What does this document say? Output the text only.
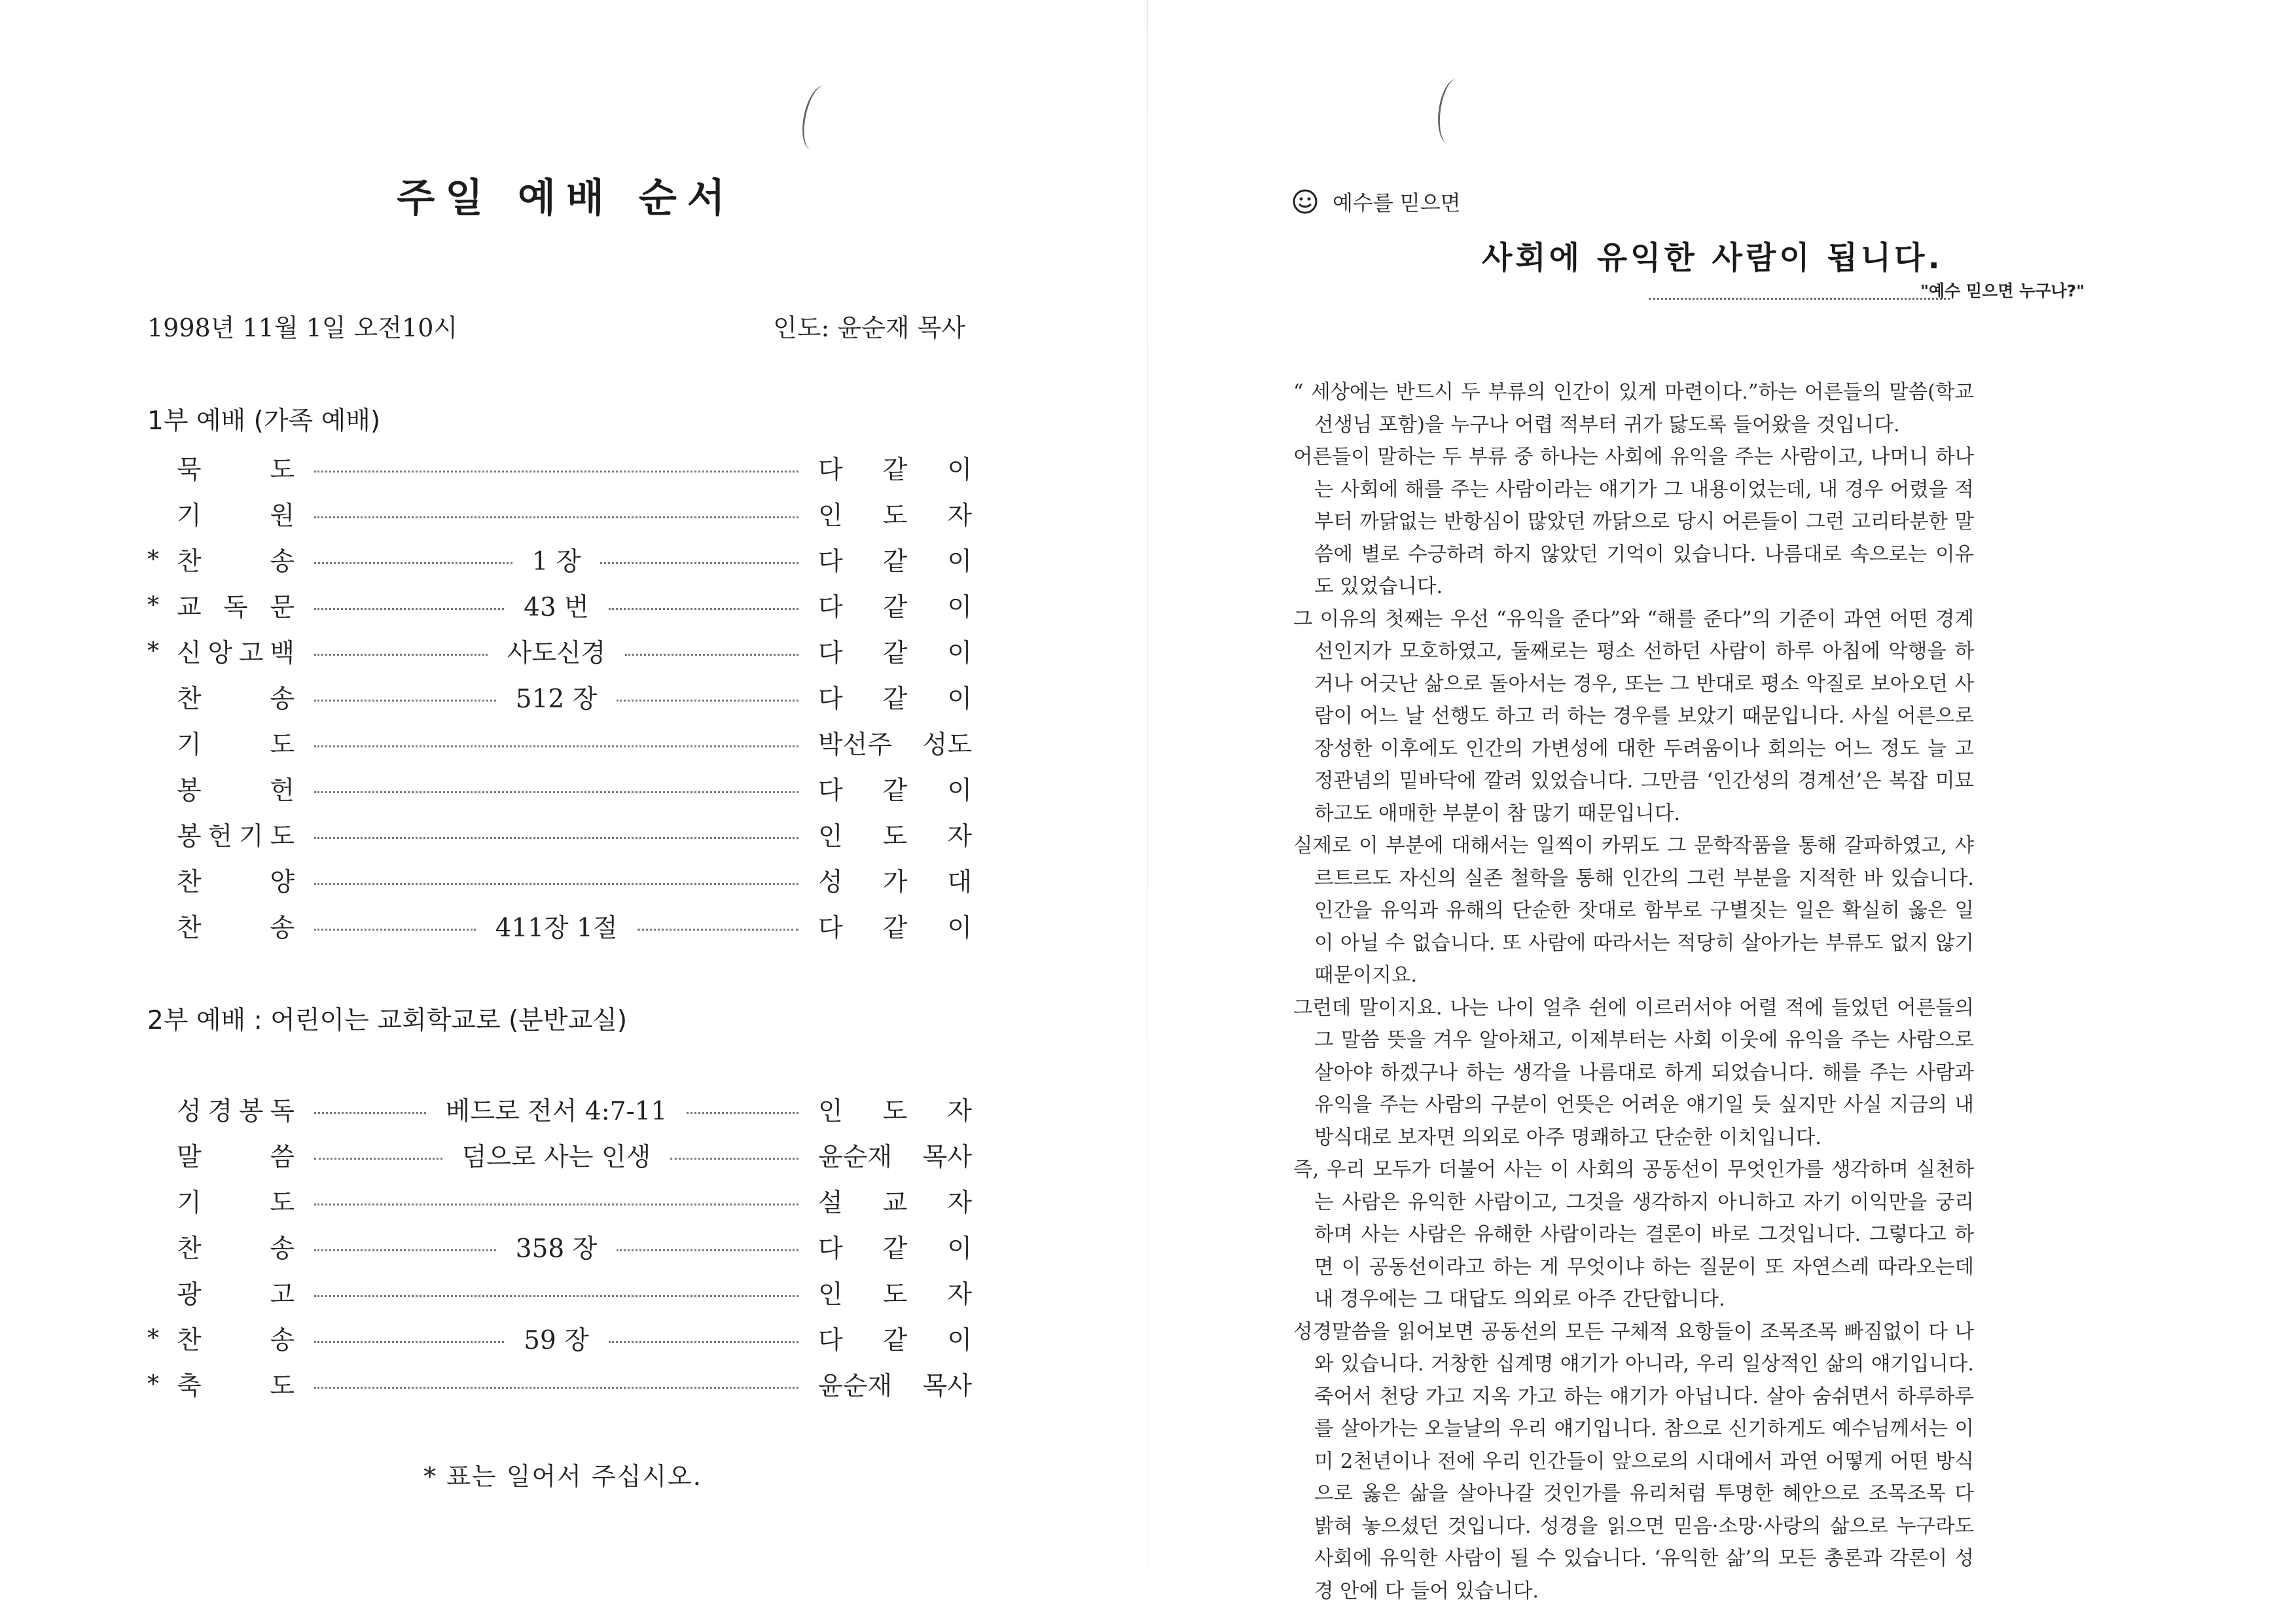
주일 예배 순서
1998년 11월 1일 오전10시	인도: 윤순재 목사
1부 예배 (가족 예배)
묵	도	다 같 이
기	원	인 도 자
* 찬	송	1 장	다 같 이
* 교 독 문	43 번	다 같 이
* 신 앙 고 백	사도신경	다 같 이
찬	송	512 장	다 같 이
기	도	박선주 성도
봉	헌	다 같 이
봉 헌 기 도	인 도 자
찬	양	성 가 대
찬	송	411장 1절	다 같 이
2부 예배 : 어린이는 교회학교로 (분반교실)
성 경 봉 독	베드로 전서 4:7-11	인 도 자
말	씀	덤으로 사는 인생	윤순재 목사
기	도	설 교 자
찬	송	358 장	다 같 이
광	고	인 도 자
* 찬	송	59 장	다 같 이
* 축	도	윤순재 목사
* 표는 일어서 주십시오.
예수를 믿으면
사회에 유익한 사람이 됩니다.
"예수 믿으면 누구나?"

“ 세상에는 반드시 두 부류의 인간이 있게 마련이다.”하는 어른들의 말씀(학교 선생님 포함)을 누구나 어렵 적부터 귀가 닳도록 들어왔을 것입니다.

어른들이 말하는 두 부류 중 하나는 사회에 유익을 주는 사람이고, 나머니 하나는 사회에 해를 주는 사람이라는 얘기가 그 내용이었는데, 내 경우 어렸을 적부터 까닭없는 반항심이 많았던 까닭으로 당시 어른들이 그런 고리타분한 말씀에 별로 수긍하려 하지 않았던 기억이 있습니다. 나름대로 속으로는 이유도 있었습니다.

그 이유의 첫째는 우선 “유익을 준다”와 “해를 준다”의 기준이 과연 어떤 경계선인지가 모호하였고, 둘째로는 평소 선하던 사람이 하루 아침에 악행을 하거나 어긋난 삶으로 돌아서는 경우, 또는 그 반대로 평소 악질로 보아오던 사람이 어느 날 선행도 하고 러 하는 경우를 보았기 때문입니다. 사실 어른으로 장성한 이후에도 인간의 가변성에 대한 두려움이나 회의는 어느 정도 늘 고정관념의 밑바닥에 깔려 있었습니다. 그만큼 ‘인간성의 경계선’은 복잡 미묘하고도 애매한 부분이 참 많기 때문입니다.

실제로 이 부분에 대해서는 일찍이 카뮈도 그 문학작품을 통해 갈파하였고, 샤르트르도 자신의 실존 철학을 통해 인간의 그런 부분을 지적한 바 있습니다. 인간을 유익과 유해의 단순한 잣대로 함부로 구별짓는 일은 확실히 옳은 일이 아닐 수 없습니다. 또 사람에 따라서는 적당히 살아가는 부류도 없지 않기 때문이지요.

그런데 말이지요. 나는 나이 얼추 쉰에 이르러서야 어렬 적에 들었던 어른들의 그 말씀 뜻을 겨우 알아채고, 이제부터는 사회 이웃에 유익을 주는 사람으로 살아야 하겠구나 하는 생각을 나름대로 하게 되었습니다. 해를 주는 사람과 유익을 주는 사람의 구분이 언뜻은 어려운 얘기일 듯 싶지만 사실 지금의 내 방식대로 보자면 의외로 아주 명쾌하고 단순한 이치입니다.

즉, 우리 모두가 더불어 사는 이 사회의 공동선이 무엇인가를 생각하며 실천하는 사람은 유익한 사람이고, 그것을 생각하지 아니하고 자기 이익만을 궁리하며 사는 사람은 유해한 사람이라는 결론이 바로 그것입니다. 그렇다고 하면 이 공동선이라고 하는 게 무엇이냐 하는 질문이 또 자연스레 따라오는데 내 경우에는 그 대답도 의외로 아주 간단합니다.

성경말씀을 읽어보면 공동선의 모든 구체적 요항들이 조목조목 빠짐없이 다 나와 있습니다. 거창한 십계명 얘기가 아니라, 우리 일상적인 삶의 얘기입니다. 죽어서 천당 가고 지옥 가고 하는 얘기가 아닙니다. 살아 숨쉬면서 하루하루를 살아가는 오늘날의 우리 얘기입니다. 참으로 신기하게도 예수님께서는 이미 2천년이나 전에 우리 인간들이 앞으로의 시대에서 과연 어떻게 어떤 방식으로 옳은 삶을 살아나갈 것인가를 유리처럼 투명한 혜안으로 조목조목 다 밝혀 놓으셨던 것입니다. 성경을 읽으면 믿음·소망·사랑의 삶으로 누구라도 사회에 유익한 사람이 될 수 있습니다. ‘유익한 삶’의 모든 총론과 각론이 성경 안에 다 들어 있습니다.
